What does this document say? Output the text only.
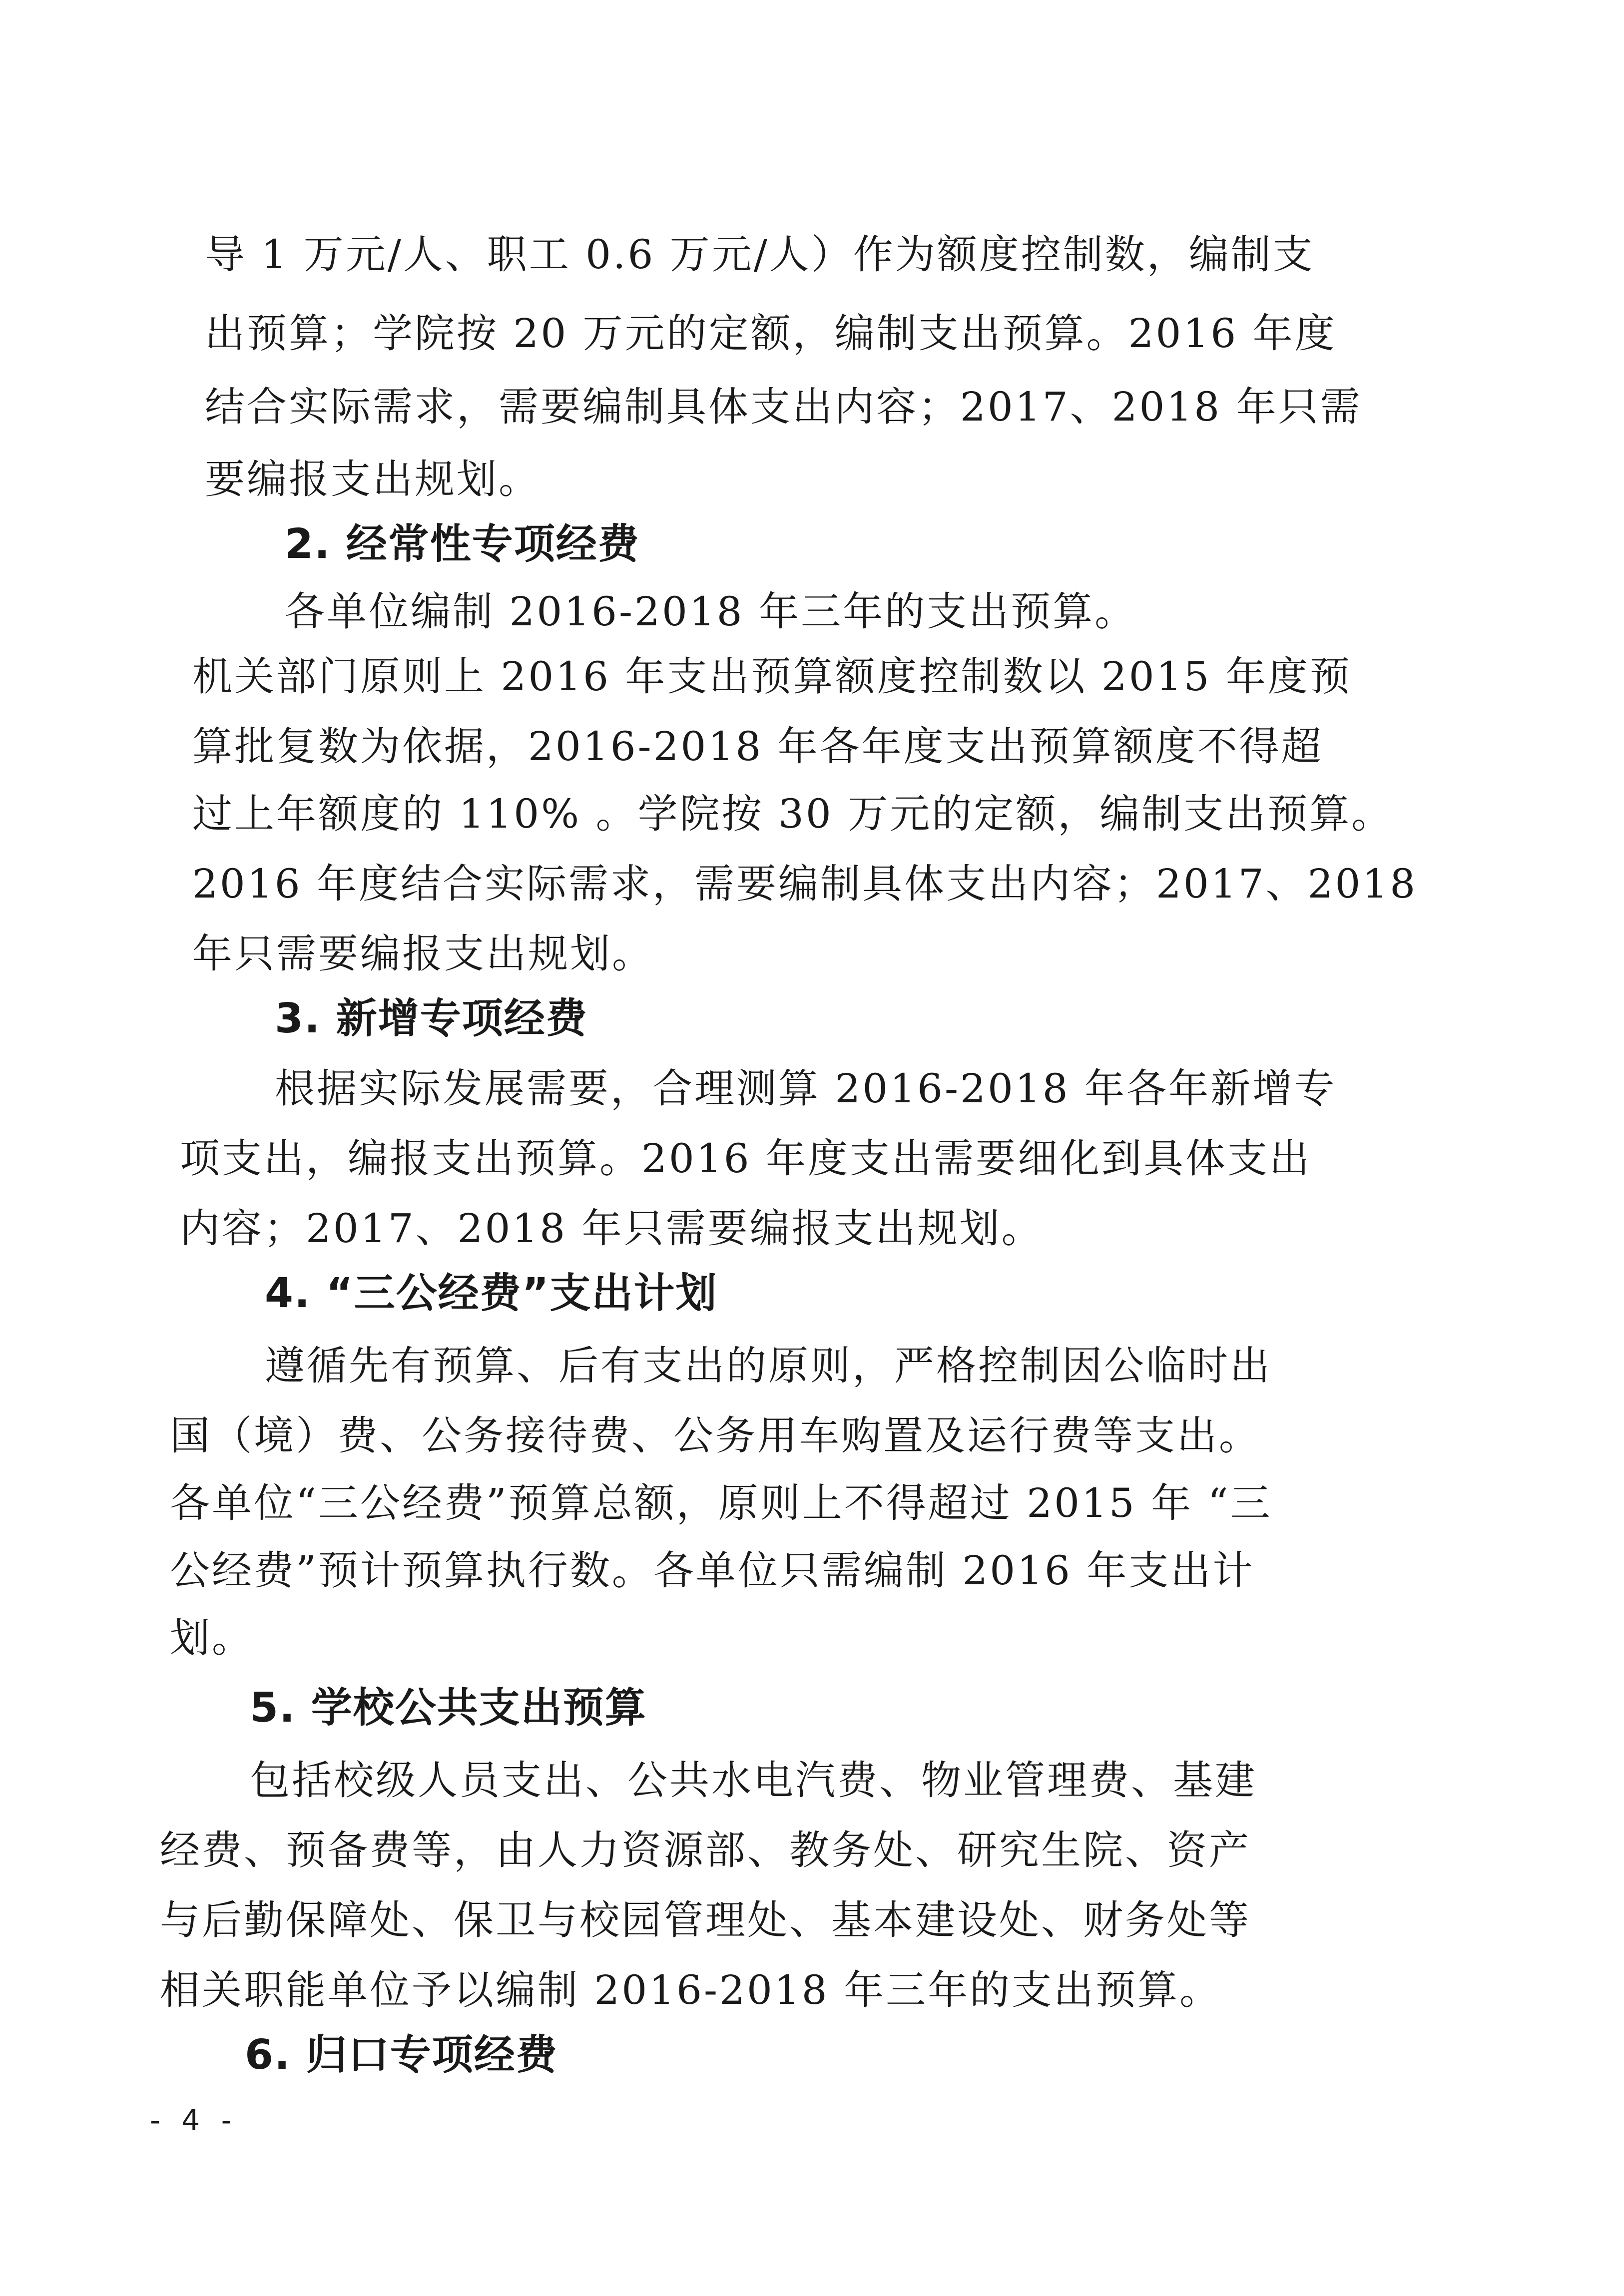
导 1 万元/人、职工 0.6 万元/人）作为额度控制数，编制支

出预算；学院按 20 万元的定额，编制支出预算。2016 年度

结合实际需求，需要编制具体支出内容；2017、2018 年只需

要编报支出规划。

2. 经常性专项经费

各单位编制 2016-2018 年三年的支出预算。

机关部门原则上 2016 年支出预算额度控制数以 2015 年度预

算批复数为依据，2016-2018 年各年度支出预算额度不得超

过上年额度的 110% 。学院按 30 万元的定额，编制支出预算。

2016 年度结合实际需求，需要编制具体支出内容；2017、2018

年只需要编报支出规划。

3. 新增专项经费

根据实际发展需要，合理测算 2016-2018 年各年新增专

项支出，编报支出预算。2016 年度支出需要细化到具体支出

内容；2017、2018 年只需要编报支出规划。

4. “三公经费”支出计划

遵循先有预算、后有支出的原则，严格控制因公临时出

国（境）费、公务接待费、公务用车购置及运行费等支出。

各单位“三公经费”预算总额，原则上不得超过 2015 年 “三

公经费”预计预算执行数。各单位只需编制 2016 年支出计

划。

5. 学校公共支出预算

包括校级人员支出、公共水电汽费、物业管理费、基建

经费、预备费等，由人力资源部、教务处、研究生院、资产

与后勤保障处、保卫与校园管理处、基本建设处、财务处等

相关职能单位予以编制 2016-2018 年三年的支出预算。

6. 归口专项经费

- 4 -
